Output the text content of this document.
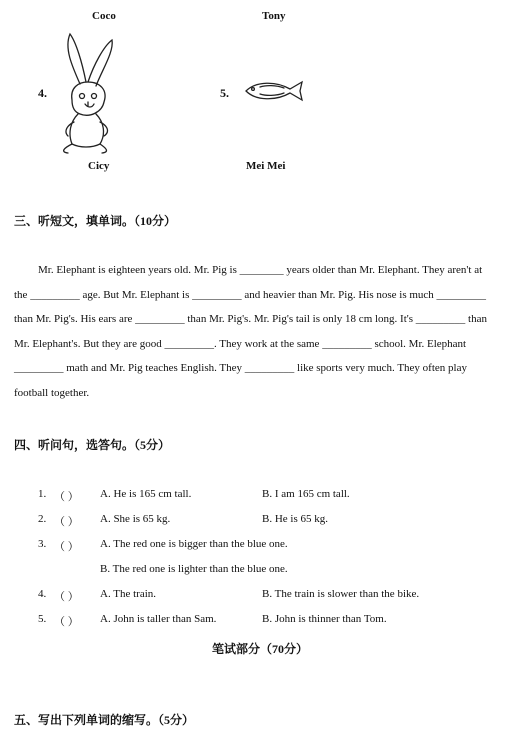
Coco
4.
Cicy
Tony
5.
Mei Mei
三、听短文，填单词。（10分）
Mr. Elephant is eighteen years old. Mr. Pig is ________ years older than Mr. Elephant. They aren't at
the _________ age. But Mr. Elephant is _________ and heavier than Mr. Pig. His nose is much _________
than Mr. Pig's. His ears are _________ than Mr. Pig's. Mr. Pig's tail is only 18 cm long. It's _________ than
Mr. Elephant's. But they are good _________. They work at the same _________ school. Mr. Elephant
_________ math and Mr. Pig teaches English. They _________ like sports very much. They often play
football together.
四、听问句，选答句。（5分）
1. （ ） A. He is 165 cm tall.	B. I am 165 cm tall.
2. （ ） A. She is 65 kg.	B. He is 65 kg.
3. （ ） A. The red one is bigger than the blue one.
B. The red one is lighter than the blue one.
4. （ ） A. The train.	B. The train is slower than the bike.
5. （ ） A. John is taller than Sam.	B. John is thinner than Tom.
笔试部分（70分）
五、写出下列单词的缩写。（5分）
